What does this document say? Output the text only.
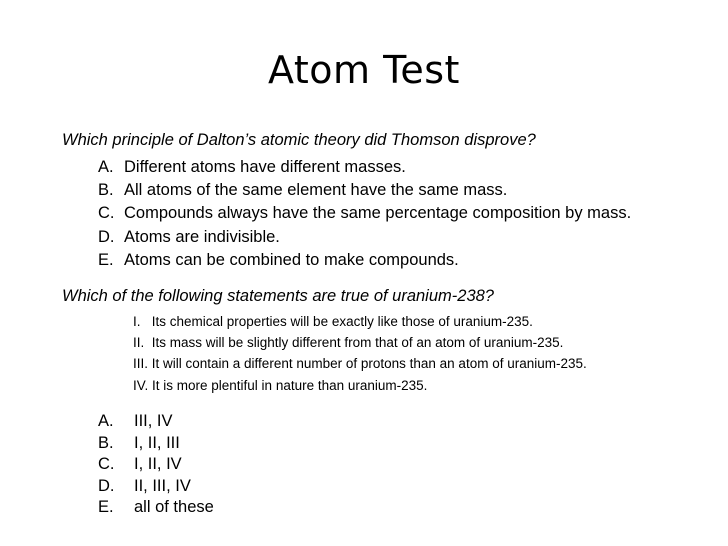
Atom Test
Which principle of Dalton’s atomic theory did Thomson disprove?
A. Different atoms have different masses.
B. All atoms of the same element have the same mass.
C. Compounds always have the same percentage composition by mass.
D. Atoms are indivisible.
E. Atoms can be combined to make compounds.
Which of the following statements are true of uranium-238?
I.   Its chemical properties will be exactly like those of uranium-235.
II.  Its mass will be slightly different from that of an atom of uranium-235.
III. It will contain a different number of protons than an atom of uranium-235.
IV. It is more plentiful in nature than uranium-235.
A. III, IV
B. I, II, III
C. I, II, IV
D. II, III, IV
E. all of these
